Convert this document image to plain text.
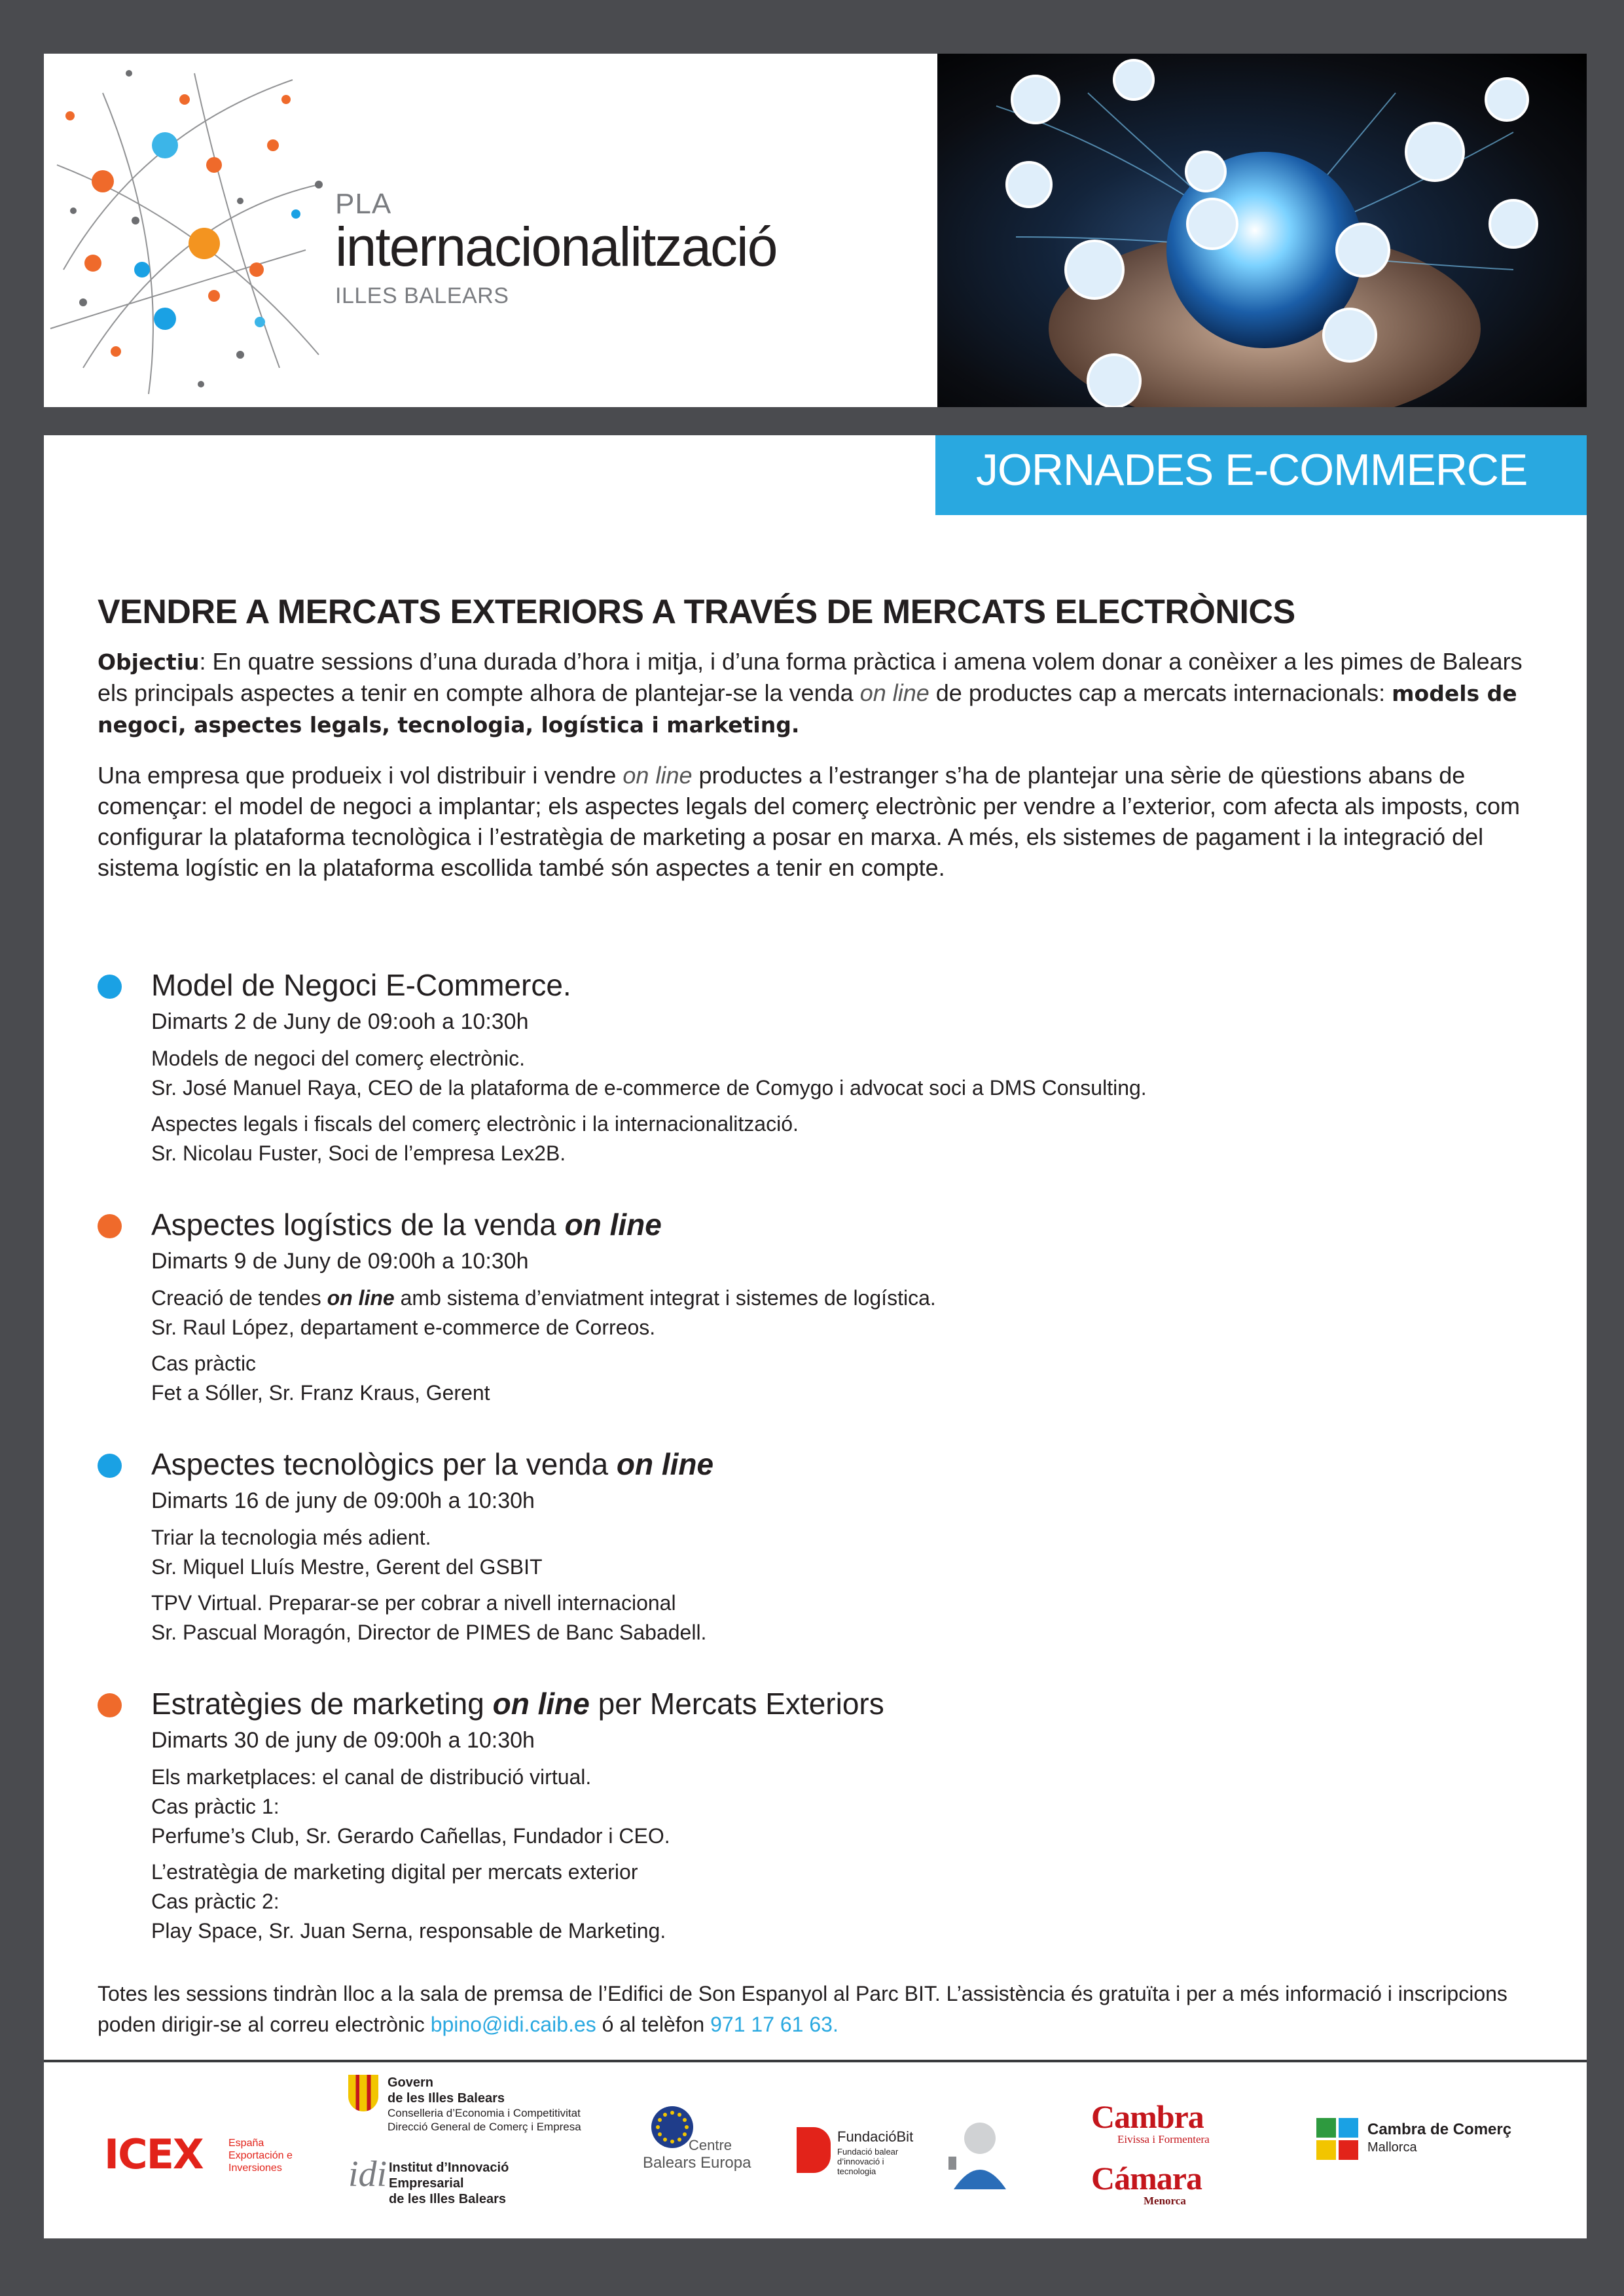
PLA
internacionalització
ILLES BALEARS
JORNADES E-COMMERCE
VENDRE A MERCATS EXTERIORS A TRAVÉS DE MERCATS ELECTRÒNICS

Objectiu: En quatre sessions d’una durada d’hora i mitja, i d’una forma pràctica i amena volem donar a conèixer a les pimes de Balears els principals aspectes a tenir en compte alhora de plantejar-se la venda on line de productes cap a mercats internacionals: models de negoci, aspectes legals, tecnologia, logística i marketing.

Una empresa que produeix i vol distribuir i vendre on line productes a l’estranger s’ha de plantejar una sèrie de qüestions abans de començar: el model de negoci a implantar; els aspectes legals del comerç electrònic per vendre a l’exterior, com afecta als imposts, com configurar la plataforma tecnològica i l’estratègia de marketing a posar en marxa. A més, els sistemes de pagament i la integració del sistema logístic en la plataforma escollida també són aspectes a tenir en compte.

Model de Negoci E-Commerce.
Dimarts 2 de Juny de 09:ooh a 10:30h
Models de negoci del comerç electrònic.
Sr. José Manuel Raya, CEO de la plataforma de e-commerce de Comygo i advocat soci a DMS Consulting.
Aspectes legals i fiscals del comerç electrònic i la internacionalització.
Sr. Nicolau Fuster, Soci de l’empresa Lex2B.
Aspectes logístics de la venda on line
Dimarts 9 de Juny de 09:00h a 10:30h
Creació de tendes on line amb sistema d’enviatment integrat i sistemes de logística.
Sr. Raul López, departament e-commerce de Correos.
Cas pràctic
Fet a Sóller, Sr. Franz Kraus, Gerent
Aspectes tecnològics per la venda on line
Dimarts 16 de juny de 09:00h a 10:30h
Triar la tecnologia més adient.
Sr. Miquel Lluís Mestre, Gerent del GSBIT
TPV Virtual. Preparar-se per cobrar a nivell internacional
Sr. Pascual Moragón, Director de PIMES de Banc Sabadell.
Estratègies de marketing on line per Mercats Exteriors
Dimarts 30 de juny de 09:00h a 10:30h
Els marketplaces: el canal de distribució virtual.
Cas pràctic 1:
Perfume’s Club, Sr. Gerardo Cañellas, Fundador i CEO.
L’estratègia de marketing digital per mercats exterior
Cas pràctic 2:
Play Space, Sr. Juan Serna, responsable de Marketing.

Totes les sessions tindràn lloc a la sala de premsa de l’Edifici de Son Espanyol al Parc BIT. L’assistència és gratuïta i per a més informació i inscripcions poden dirigir-se al correu electrònic bpino@idi.caib.es ó al telèfon 971 17 61 63.

ICEX España Exportación e Inversiones
Govern
de les Illes Balears
Conselleria d’Economia i Competitivitat
Direcció General de Comerç i Empresa
idi Institut d’Innovació
Empresarial
de les Illes Balears
Centre
Balears Europa
FundacióBit
Fundació balear d’innovació i tecnologia
Cambra
Eivissa i Formentera
Cámara
Menorca
Cambra de Comerç
Mallorca
